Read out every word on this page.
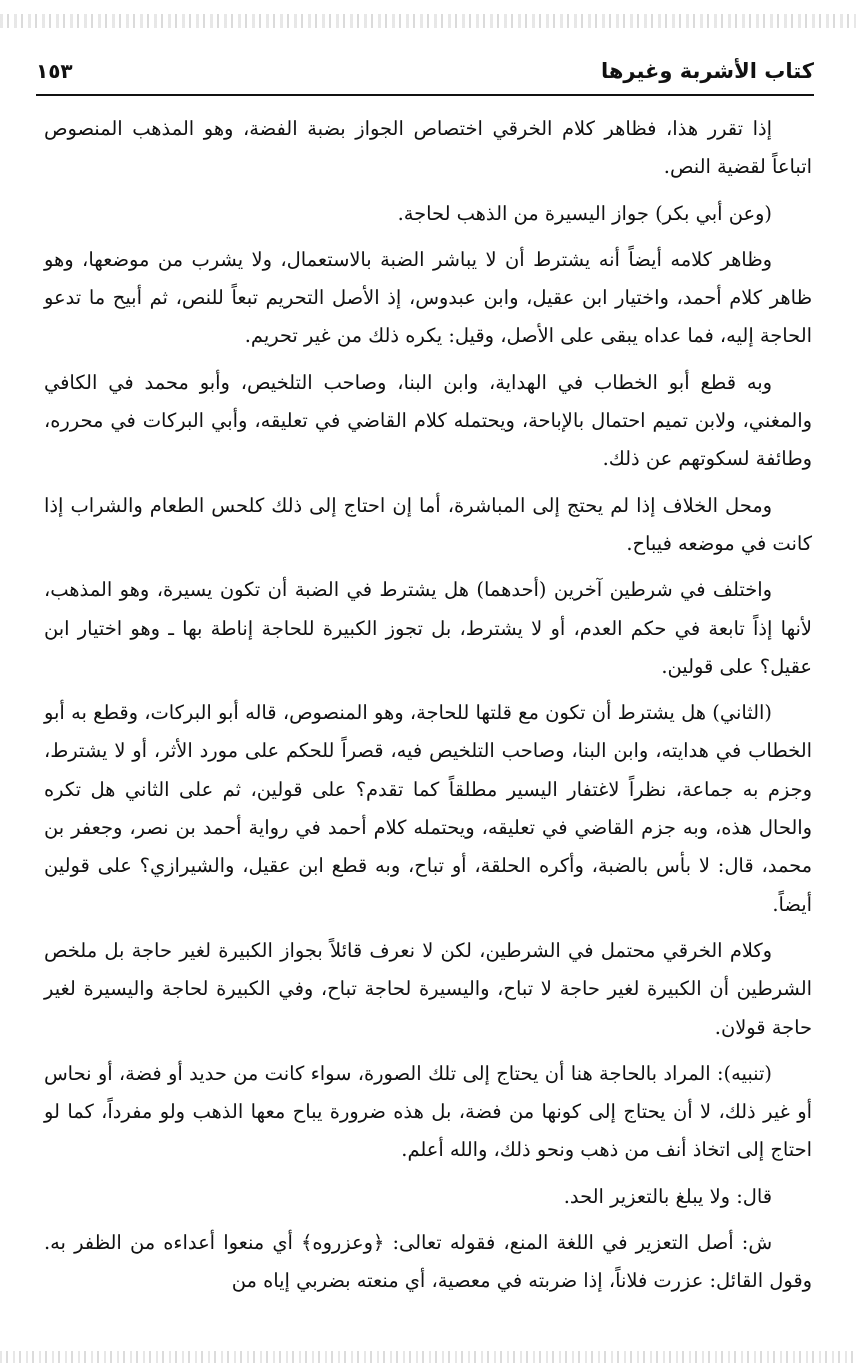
كتاب الأشربة وغيرها
١٥٣

إذا تقرر هذا، فظاهر كلام الخرقي اختصاص الجواز بضبة الفضة، وهو المذهب المنصوص اتباعاً لقضية النص.

(وعن أبي بكر) جواز اليسيرة من الذهب لحاجة.

وظاهر كلامه أيضاً أنه يشترط أن لا يباشر الضبة بالاستعمال، ولا يشرب من موضعها، وهو ظاهر كلام أحمد، واختيار ابن عقيل، وابن عبدوس، إذ الأصل التحريم تبعاً للنص، ثم أبيح ما تدعو الحاجة إليه، فما عداه يبقى على الأصل، وقيل: يكره ذلك من غير تحريم.

وبه قطع أبو الخطاب في الهداية، وابن البنا، وصاحب التلخيص، وأبو محمد في الكافي والمغني، ولابن تميم احتمال بالإباحة، ويحتمله كلام القاضي في تعليقه، وأبي البركات في محرره، وطائفة لسكوتهم عن ذلك.

ومحل الخلاف إذا لم يحتج إلى المباشرة، أما إن احتاج إلى ذلك كلحس الطعام والشراب إذا كانت في موضعه فيباح.

واختلف في شرطين آخرين (أحدهما) هل يشترط في الضبة أن تكون يسيرة، وهو المذهب، لأنها إذاً تابعة في حكم العدم، أو لا يشترط، بل تجوز الكبيرة للحاجة إناطة بها ـ وهو اختيار ابن عقيل؟ على قولين.

(الثاني) هل يشترط أن تكون مع قلتها للحاجة، وهو المنصوص، قاله أبو البركات، وقطع به أبو الخطاب في هدايته، وابن البنا، وصاحب التلخيص فيه، قصراً للحكم على مورد الأثر، أو لا يشترط، وجزم به جماعة، نظراً لاغتفار اليسير مطلقاً كما تقدم؟ على قولين، ثم على الثاني هل تكره والحال هذه، وبه جزم القاضي في تعليقه، ويحتمله كلام أحمد في رواية أحمد بن نصر، وجعفر بن محمد، قال: لا بأس بالضبة، وأكره الحلقة، أو تباح، وبه قطع ابن عقيل، والشيرازي؟ على قولين أيضاً.

وكلام الخرقي محتمل في الشرطين، لكن لا نعرف قائلاً بجواز الكبيرة لغير حاجة بل ملخص الشرطين أن الكبيرة لغير حاجة لا تباح، واليسيرة لحاجة تباح، وفي الكبيرة لحاجة واليسيرة لغير حاجة قولان.

(تنبيه): المراد بالحاجة هنا أن يحتاج إلى تلك الصورة، سواء كانت من حديد أو فضة، أو نحاس أو غير ذلك، لا أن يحتاج إلى كونها من فضة، بل هذه ضرورة يباح معها الذهب ولو مفرداً، كما لو احتاج إلى اتخاذ أنف من ذهب ونحو ذلك، والله أعلم.

قال: ولا يبلغ بالتعزير الحد.

ش: أصل التعزير في اللغة المنع، فقوله تعالى: ﴿وعزروه﴾ أي منعوا أعداءه من الظفر به. وقول القائل: عزرت فلاناً، إذا ضربته في معصية، أي منعته بضربي إياه من
